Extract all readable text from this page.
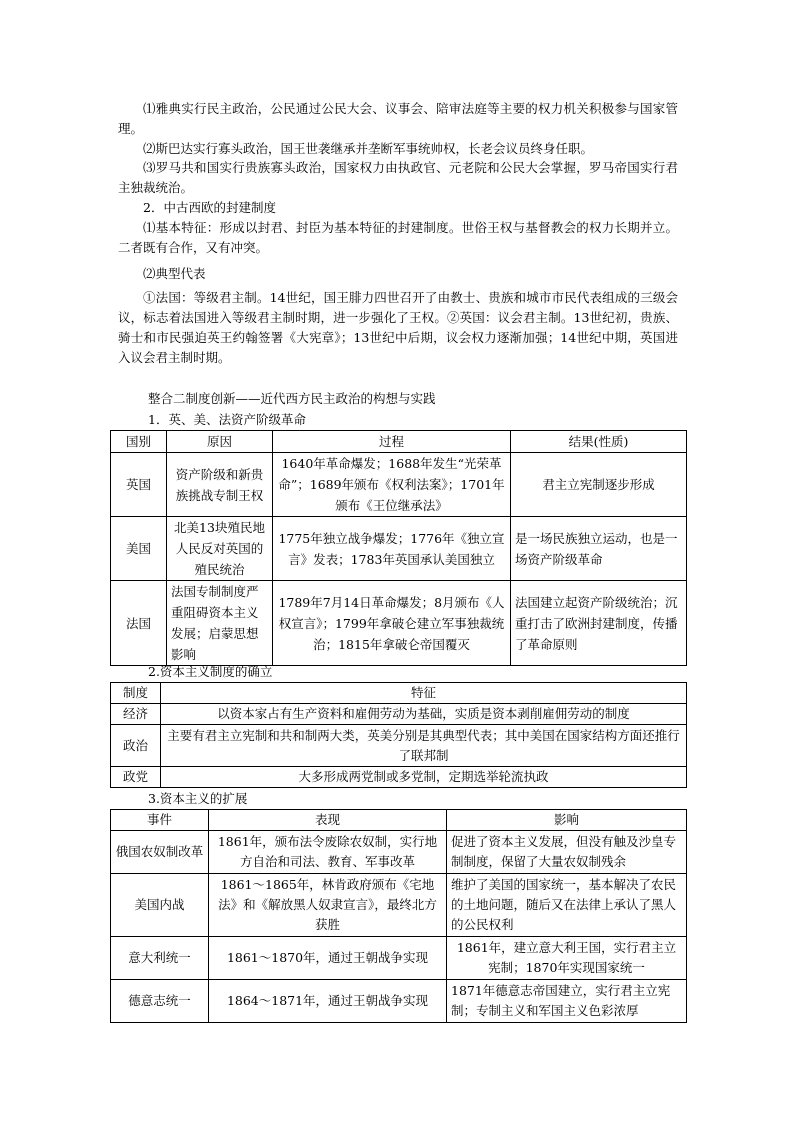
⑴雅典实行民主政治，公民通过公民大会、议事会、陪审法庭等主要的权力机关积极参与国家管理。

⑵斯巴达实行寡头政治，国王世袭继承并垄断军事统帅权，长老会议员终身任职。

⑶罗马共和国实行贵族寡头政治，国家权力由执政官、元老院和公民大会掌握，罗马帝国实行君主独裁统治。

2．中古西欧的封建制度

⑴基本特征：形成以封君、封臣为基本特征的封建制度。世俗王权与基督教会的权力长期并立。二者既有合作，又有冲突。

⑵典型代表

①法国：等级君主制。14世纪，国王腓力四世召开了由教士、贵族和城市市民代表组成的三级会议，标志着法国进入等级君主制时期，进一步强化了王权。②英国：议会君主制。13世纪初，贵族、骑士和市民强迫英王约翰签署《大宪章》；13世纪中后期，议会权力逐渐加强；14世纪中期，英国进入议会君主制时期。

整合二制度创新——近代西方民主政治的构想与实践

1．英、美、法资产阶级革命

国别	原因	过程	结果(性质)
英国	资产阶级和新贵族挑战专制王权	1640年革命爆发；1688年发生“光荣革命”；1689年颁布《权利法案》；1701年颁布《王位继承法》	君主立宪制逐步形成
美国	北美13块殖民地人民反对英国的殖民统治	1775年独立战争爆发；1776年《独立宣言》发表；1783年英国承认美国独立	是一场民族独立运动，也是一场资产阶级革命
法国	法国专制制度严重阻碍资本主义发展；启蒙思想影响	1789年7月14日革命爆发；8月颁布《人权宣言》；1799年拿破仑建立军事独裁统治；1815年拿破仑帝国覆灭	法国建立起资产阶级统治；沉重打击了欧洲封建制度，传播了革命原则

2.资本主义制度的确立

制度	特征
经济	以资本家占有生产资料和雇佣劳动为基础，实质是资本剥削雇佣劳动的制度
政治	主要有君主立宪制和共和制两大类，英美分别是其典型代表；其中美国在国家结构方面还推行了联邦制
政党	大多形成两党制或多党制，定期选举轮流执政

3.资本主义的扩展

事件	表现	影响
俄国农奴制改革	1861年，颁布法令废除农奴制，实行地方自治和司法、教育、军事改革	促进了资本主义发展，但没有触及沙皇专制制度，保留了大量农奴制残余
美国内战	1861～1865年，林肯政府颁布《宅地法》和《解放黑人奴隶宣言》，最终北方获胜	维护了美国的国家统一，基本解决了农民的土地问题，随后又在法律上承认了黑人的公民权利
意大利统一	1861～1870年，通过王朝战争实现	1861年，建立意大利王国，实行君主立宪制；1870年实现国家统一
德意志统一	1864～1871年，通过王朝战争实现	1871年德意志帝国建立，实行君主立宪制；专制主义和军国主义色彩浓厚
